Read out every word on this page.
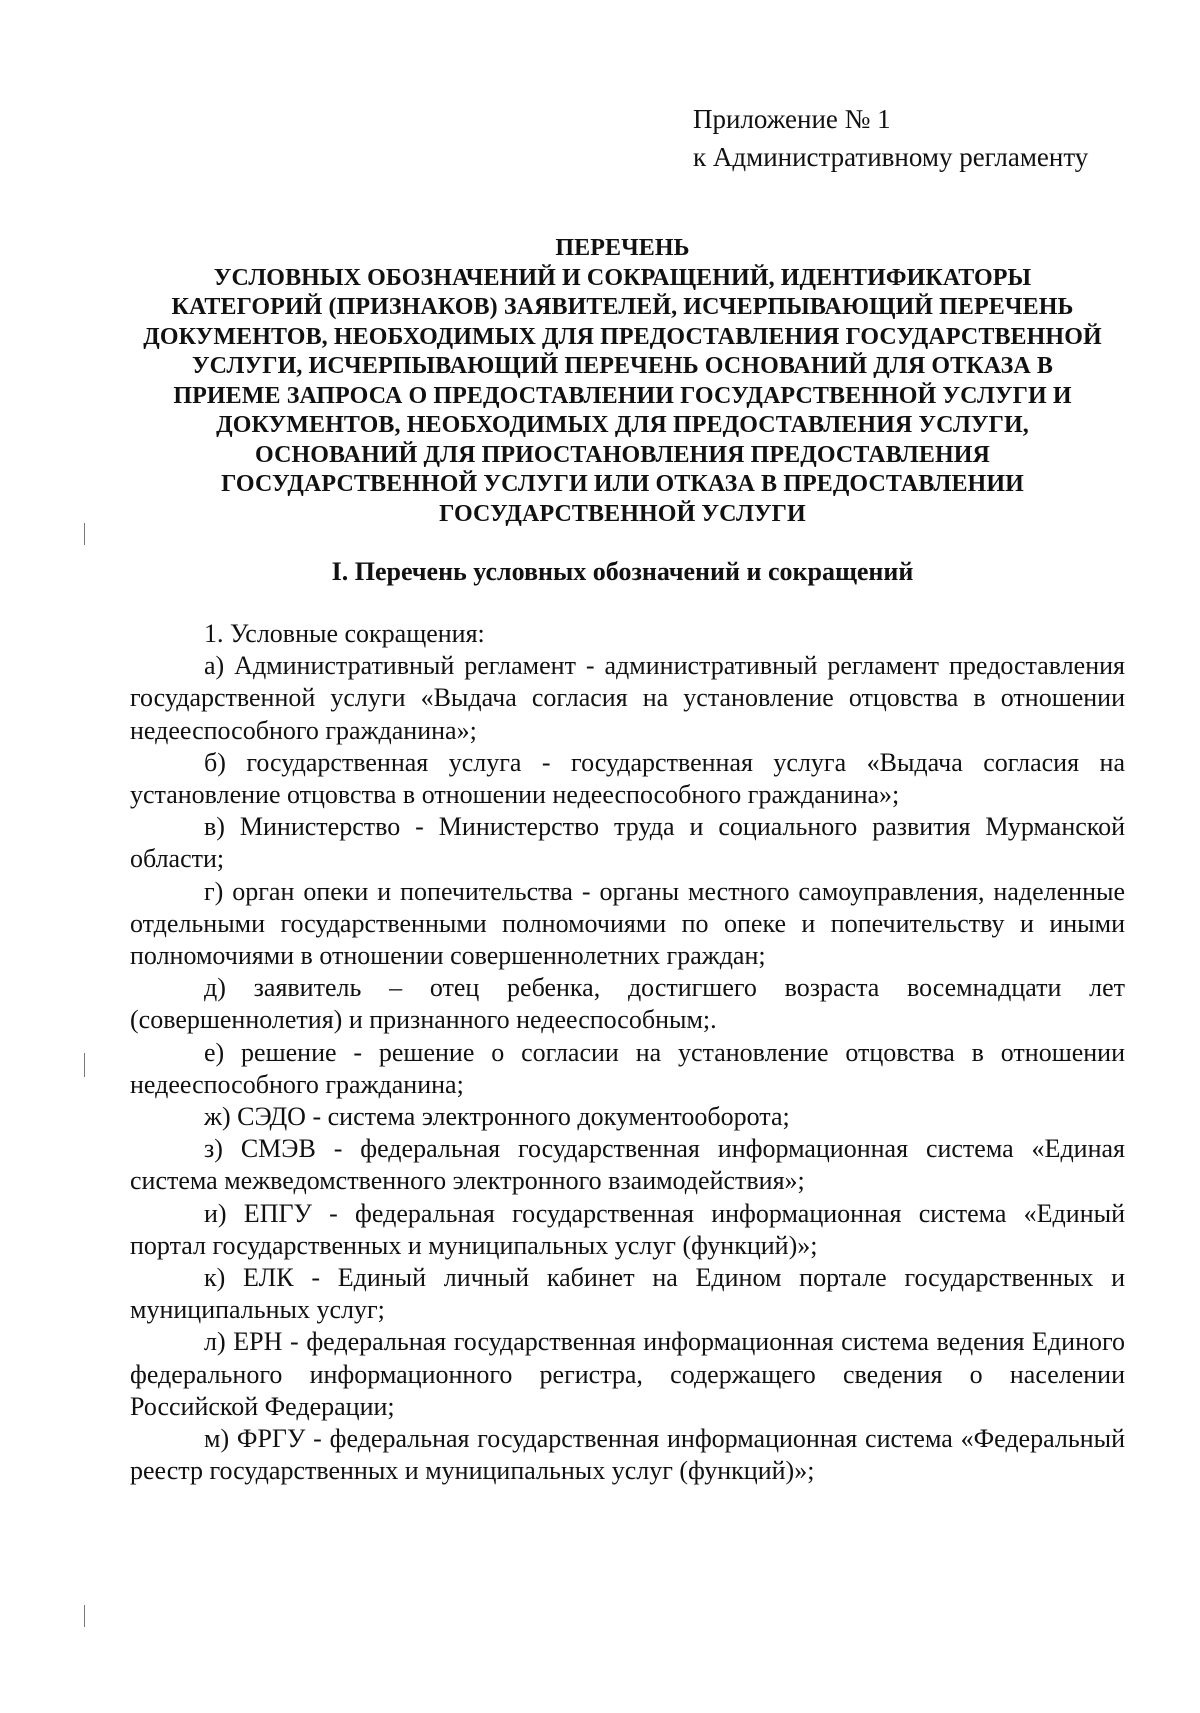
Приложение № 1
к Административному регламенту
ПЕРЕЧЕНЬ
УСЛОВНЫХ ОБОЗНАЧЕНИЙ И СОКРАЩЕНИЙ, ИДЕНТИФИКАТОРЫ
КАТЕГОРИЙ (ПРИЗНАКОВ) ЗАЯВИТЕЛЕЙ, ИСЧЕРПЫВАЮЩИЙ ПЕРЕЧЕНЬ
ДОКУМЕНТОВ, НЕОБХОДИМЫХ ДЛЯ ПРЕДОСТАВЛЕНИЯ ГОСУДАРСТВЕННОЙ
УСЛУГИ, ИСЧЕРПЫВАЮЩИЙ ПЕРЕЧЕНЬ ОСНОВАНИЙ ДЛЯ ОТКАЗА В
ПРИЕМЕ ЗАПРОСА О ПРЕДОСТАВЛЕНИИ ГОСУДАРСТВЕННОЙ УСЛУГИ И
ДОКУМЕНТОВ, НЕОБХОДИМЫХ ДЛЯ ПРЕДОСТАВЛЕНИЯ УСЛУГИ,
ОСНОВАНИЙ ДЛЯ ПРИОСТАНОВЛЕНИЯ ПРЕДОСТАВЛЕНИЯ
ГОСУДАРСТВЕННОЙ УСЛУГИ ИЛИ ОТКАЗА В ПРЕДОСТАВЛЕНИИ
ГОСУДАРСТВЕННОЙ УСЛУГИ
I. Перечень условных обозначений и сокращений

1. Условные сокращения:

а) Административный регламент - административный регламент предоставления государственной услуги «Выдача согласия на установление отцовства в отношении недееспособного гражданина»;

б) государственная услуга - государственная услуга «Выдача согласия на установление отцовства в отношении недееспособного гражданина»;

в) Министерство - Министерство труда и социального развития Мурманской области;

г) орган опеки и попечительства - органы местного самоуправления, наделенные отдельными государственными полномочиями по опеке и попечительству и иными полномочиями в отношении совершеннолетних граждан;

д) заявитель – отец ребенка, достигшего возраста восемнадцати лет (совершеннолетия) и признанного недееспособным;.

е) решение - решение о согласии на установление отцовства в отношении недееспособного гражданина;

ж) СЭДО - система электронного документооборота;

з) СМЭВ - федеральная государственная информационная система «Единая система межведомственного электронного взаимодействия»;

и) ЕПГУ - федеральная государственная информационная система «Единый портал государственных и муниципальных услуг (функций)»;

к) ЕЛК - Единый личный кабинет на Едином портале государственных и муниципальных услуг;

л) ЕРН - федеральная государственная информационная система ведения Единого федерального информационного регистра, содержащего сведения о населении Российской Федерации;

м) ФРГУ - федеральная государственная информационная система «Федеральный реестр государственных и муниципальных услуг (функций)»;
